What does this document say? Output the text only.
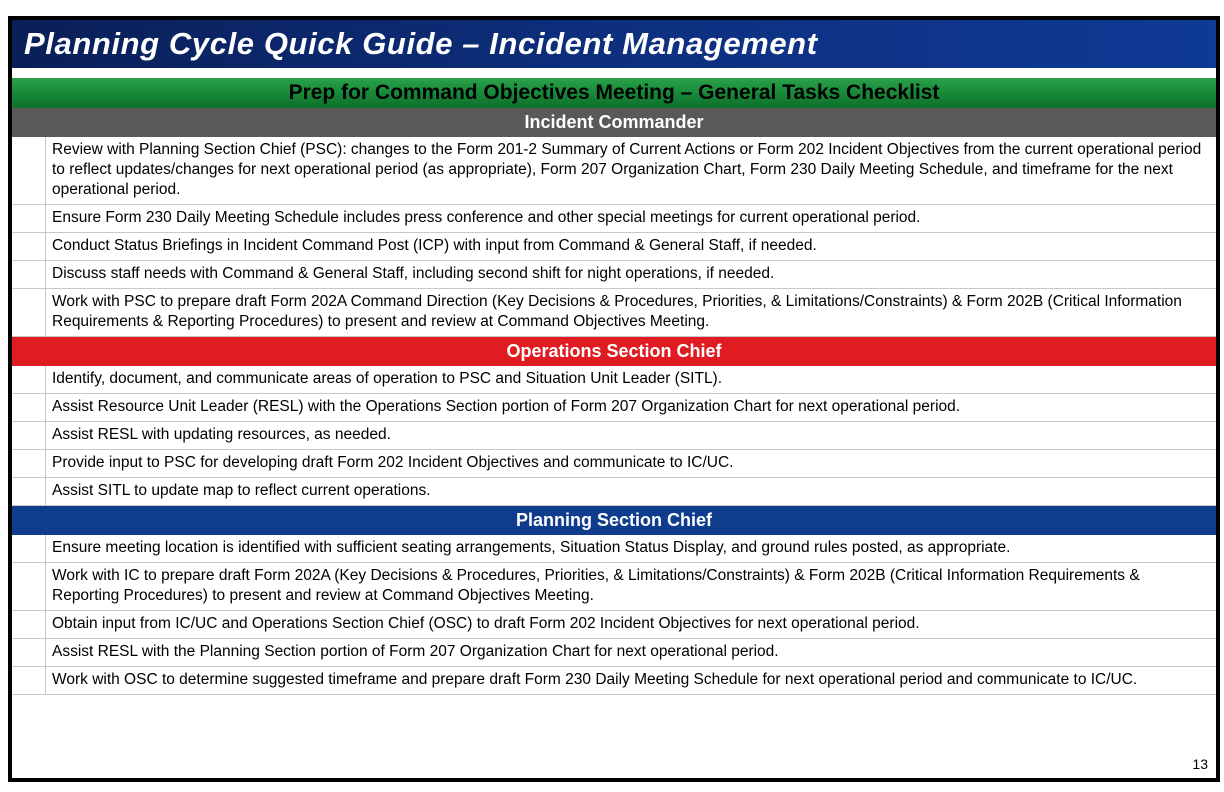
Planning Cycle Quick Guide – Incident Management
Prep for Command Objectives Meeting – General Tasks Checklist
Incident Commander
Review with Planning Section Chief (PSC): changes to the Form 201-2 Summary of Current Actions or Form 202 Incident Objectives from the current operational period to reflect updates/changes for next operational period (as appropriate), Form 207 Organization Chart, Form 230 Daily Meeting Schedule, and timeframe for the next operational period.
Ensure Form 230 Daily Meeting Schedule includes press conference and other special meetings for current operational period.
Conduct Status Briefings in Incident Command Post (ICP) with input from Command & General Staff, if needed.
Discuss staff needs with Command & General Staff, including second shift for night operations, if needed.
Work with PSC to prepare draft Form 202A Command Direction (Key Decisions & Procedures, Priorities, & Limitations/Constraints) & Form 202B (Critical Information Requirements & Reporting Procedures) to present and review at Command Objectives Meeting.
Operations Section Chief
Identify, document, and communicate areas of operation to PSC and Situation Unit Leader (SITL).
Assist Resource Unit Leader (RESL) with the Operations Section portion of Form 207 Organization Chart for next operational period.
Assist RESL with updating resources, as needed.
Provide input to PSC for developing draft Form 202 Incident Objectives and communicate to IC/UC.
Assist SITL to update map to reflect current operations.
Planning Section Chief
Ensure meeting location is identified with sufficient seating arrangements, Situation Status Display, and ground rules posted, as appropriate.
Work with IC to prepare draft Form 202A (Key Decisions & Procedures, Priorities, & Limitations/Constraints) & Form 202B (Critical Information Requirements & Reporting Procedures) to present and review at Command Objectives Meeting.
Obtain input from IC/UC and Operations Section Chief (OSC) to draft Form 202 Incident Objectives for next operational period.
Assist RESL with the Planning Section portion of Form 207 Organization Chart for next operational period.
Work with OSC to determine suggested timeframe and prepare draft Form 230 Daily Meeting Schedule for next operational period and communicate to IC/UC.
13
